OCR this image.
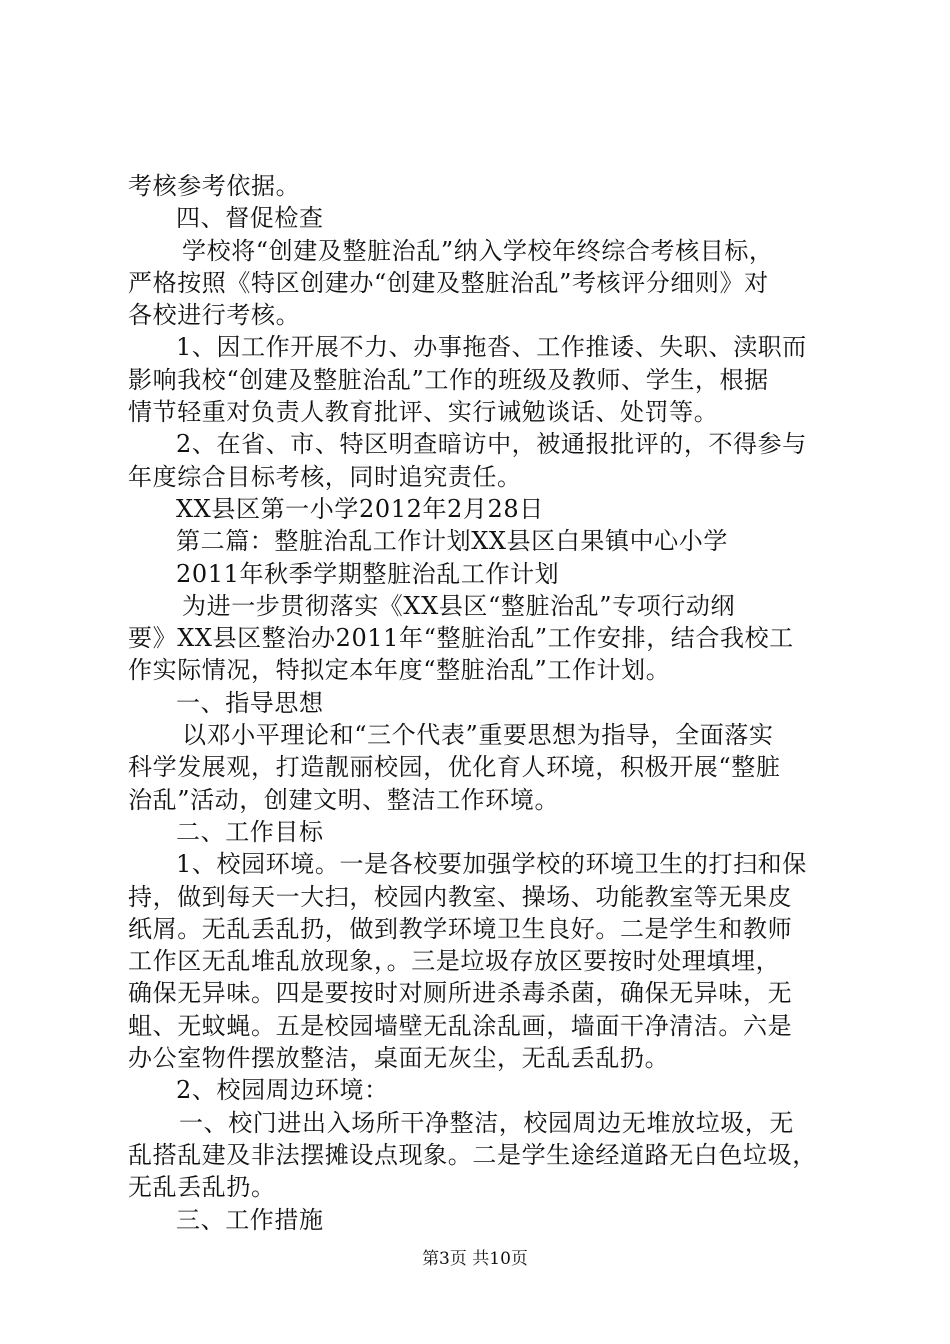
考核参考依据。
四、督促检查
学校将“创建及整脏治乱”纳入学校年终综合考核目标，
严格按照《特区创建办“创建及整脏治乱”考核评分细则》对
各校进行考核。
1、因工作开展不力、办事拖沓、工作推诿、失职、渎职而
影响我校“创建及整脏治乱”工作的班级及教师、学生，根据
情节轻重对负责人教育批评、实行诫勉谈话、处罚等。
2、在省、市、特区明查暗访中，被通报批评的，不得参与
年度综合目标考核，同时追究责任。
XX县区第一小学2012年2月28日
第二篇：整脏治乱工作计划XX县区白果镇中心小学
2011年秋季学期整脏治乱工作计划
为进一步贯彻落实《XX县区“整脏治乱”专项行动纲
要》XX县区整治办2011年“整脏治乱”工作安排，结合我校工
作实际情况，特拟定本年度“整脏治乱”工作计划。
一、指导思想
以邓小平理论和“三个代表”重要思想为指导，全面落实
科学发展观，打造靓丽校园，优化育人环境，积极开展“整脏
治乱”活动，创建文明、整洁工作环境。
二、工作目标
1、校园环境。一是各校要加强学校的环境卫生的打扫和保
持，做到每天一大扫，校园内教室、操场、功能教室等无果皮
纸屑。无乱丢乱扔，做到教学环境卫生良好。二是学生和教师
工作区无乱堆乱放现象，。三是垃圾存放区要按时处理填埋，
确保无异味。四是要按时对厕所进杀毒杀菌，确保无异味，无
蛆、无蚊蝇。五是校园墙壁无乱涂乱画，墙面干净清洁。六是
办公室物件摆放整洁，桌面无灰尘，无乱丢乱扔。
2、校园周边环境：
一、校门进出入场所干净整洁，校园周边无堆放垃圾，无
乱搭乱建及非法摆摊设点现象。二是学生途经道路无白色垃圾，
无乱丢乱扔。
三、工作措施
第3页 共10页
